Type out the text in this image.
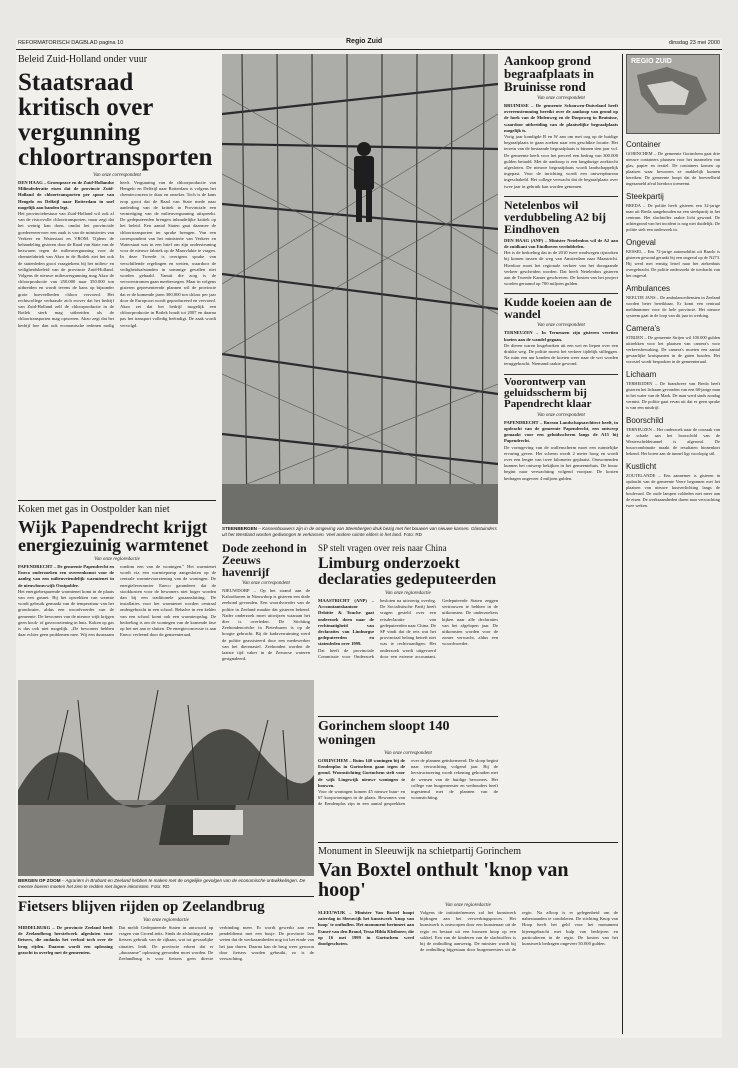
REFORMATORISCH DAGBLAD pagina 10	Regio Zuid	dinsdag 23 mei 2000
Beleid Zuid-Holland onder vuur
Staatsraad kritisch over vergunning chloortransporten
Van onze correspondent

DEN HAAG – Groenpeace en de Zuid-Hollandse Milieufederatie eisen dat de provincie Zuid-Holland de chloortransporten per spoor van Hengelo en Delfzijl naar Rotterdam in snel mogelijk aan banden legt.

Het provinciebestuur van Zuid-Holland wil ook af van de risicovolle chloortransporten, maar zegt dat het weinig kan doen, omdat het provinciale goederenvervoer een zaak is van de ministeries van Verkeer en Waterstaat en VROM. Tijdens de behandeling gisteren door de Raad van State van de bezwaren tegen de milieuvergunning voor de chemiefabriek van Akzo in de Botlek ziet het ook de statenleden groot vraagtekens bij het milieu- en veiligheidsbeleid van de provincie Zuid-Holland. Volgens de nieuwe milieuvergunning mag Akzo de chloorproductie van 250.000 naar 350.000 ton uitbreiden en wordt tevens de kans op bijzonder grote hoeveelheden chloor vervoerd. Het rechtscollege verbaasde zich erover dat het bedrijf van Zuid-Holland zelf de chloorproductie in de Botlek sterk mag uitbreiden als de chloortransporten mag opvoeren. Akzo zegt dat het bedrijf hoe dan ook economische redenen nodig heeft. Vergunning van de chloorproductie van Hengelo en Delfzijl naar Rotterdam is volgens het chemieconcern te duur en onzeker. Toch is de kans erop groot dat de Raad van State mede naar aanleiding van de kritiek in Provinciale een vernietiging van de milieuvergunning uitspreekt. De gedeputeerden brengen inhoudelijke kritiek op het beleid. Een aantal Staten gaat daarmee de chloortransporten ter sprake brengen. Van een correspondent van het ministerie van Verkeer en Waterstaat was in een brief om zijn ondersteuning voor de nieuwe fabriek op de Maasvlakte te vragen. In deze Tweede is overigens sprake van verschillende regelingen en wetten, waardoor de veiligheidsafstanden in sommige gevallen niet worden gehaald. Vanuit die zorg is de vervoerstromen gaan meebewegen. Maar in volgens gisteren gepresenteerde plannen wil de provincie dat er de komende jaren 300.000 ton chloor per jaar door de Europoort wordt geproduceerd en vervoerd. Akzo zei dat het bedrijf mogelijk een chloorproductie in Botlek houdt tot 2007 en daarna pas het transport volledig beëindigt. De zaak wordt vervolgd.

STEENBERGEN – Kassenbouwers zijn in de omgeving van Steenbergen druk bezig met het bouwen van nieuwe kassen. Glastuinders uit het Westland worden gedwongen te verkassen. Veel andere ruimte elders in het land. Foto: RD
Koken met gas in Oostpolder kan niet
Wijk Papendrecht krijgt energiezuinig warmtenet
Van onze regioredactie

PAPENDRECHT – De gemeente Papendrecht en Eneco onderzoeken een overeenkomst voor de aanleg van een milieuvriendelijk warmtenet in de nieuwbouwwijk Oostpolder.

Het energiebesparende warmtenet komt in de plaats van een gasnet. Bij het opwekken van warmte wordt gebruik gemaakt van de temperatuur van het grondwater, aldus een woordvoerder van de gemeente. De bewoners van de nieuwe wijk krijgen geen kook- of gasvoorziening in huis. Koken op gas is dus ook niet mogelijk. „De bewoners hebben daar echter geen problemen mee. Wij een duurzaam rondom een van de woningen.” Het warmtenet wordt via een warmtepomp aangesloten op de centrale warmtevoorziening van de woningen. De energieleverancier Eneco garandeert dat de stookkosten voor de bewoners niet hoger worden dan bij een traditionele gasaansluiting. De installaties voor het warmtenet worden centraal ondergebracht in een school. Behalve in een kelder van een school komt ook een warmteopslag. De bedoeling is om de woningen van de komende fase op het net aan te sluiten. De energieconcessie is aan Eneco verleend door de gemeenteraad.

Dode zeehond in Zeeuws havenrijf
Van onze correspondent

NIEUWDORP – Op het strand aan de Kaloothaven in Nieuwdorp is gisteren een dode zeehond gevonden. Een woordvoerder van de politie in Zeeland maakte dat gisteren bekend. Nader onderzoek moet uitwijzen waaraan het dier is overleden. De Stichting Zeehondencrèche in Pieterburen is op de hoogte gebracht. Bij de kadaverruiming werd de politie geassisteerd door een medewerker van het dierenasiel. Zeehonden worden de laatste tijd vaker in de Zeeuwse wateren gesignaleerd.

SP stelt vragen over reis naar China
Limburg onderzoekt declaraties gedeputeerden
Van onze regioredactie

MAASTRICHT (ANP) – Accountantskantoor Deloitte & Touche gaat onderzoek doen naar de rechtmatigheid van declaraties van Limburgse gedeputeerden en statenleden over 1999.

Dat heeft de provinciale Commissie voor Onderzoek besloten na uitvoerig overleg. De Socialistische Partij heeft vragen gesteld over een reisdeclaratie van gedeputeerden naar China. De SP vindt dat de reis wat het provinciaal belang betreft niet was te rechtvaardigen. Het onderzoek wordt uitgevoerd door een externe accountant. Gedeputeerde Staten zeggen vertrouwen te hebben in de uitkomsten. De onderzoekers kijken naar alle declaraties van het afgelopen jaar. De uitkomsten worden voor de zomer verwacht, aldus een woordvoerder.

BERGEN OP ZOOM – Agrariërs in Brabant en Zeeland hebben te maken met de ongelijke gevolgen van de economische ontwikkelingen. De meeste boeren moeten het zien te redden met lagere inkomsten. Foto: RD
Gorinchem sloopt 140 woningen
Van onze correspondent

GORINCHEM – Ruim 140 woningen bij de Eendenplas in Gorinchem gaan tegen de grond. Woonstichting Gorinchem stelt voor de wijk Lingewijk nieuwe woningen te bouwen.

Voor de woningen komen 45 nieuwe huur- en 67 koopwoningen in de plaats. Bewoners van de Eendenplas zijn in een aantal gesprekken over de plannen geïnformeerd. De sloop begint naar verwachting volgend jaar. Bij de herstructurering wordt rekening gehouden met de wensen van de huidige bewoners. Het college van burgemeester en wethouders heeft ingestemd met de plannen van de woonstichting.

Monument in Sleeuwijk na schietpartij Gorinchem
Van Boxtel onthult 'knop van hoop'
Van onze regioredactie

SLEEUWIJK – Minister Van Boxtel hoopt zaterdag in Sleeuwijk het kunstwerk 'knop van hoop' te onthullen. Het monument herinnert aan Esmeé van den Brand, Tessa Hilda Kleiboeer, die op 16 mei 1999 in Gorinchem werd doodgeschoten.

Volgens de initiatiefnemers zal het kunstwerk bijdragen aan het verwerkingsproces. Het kunstwerk is ontworpen door een kunstenaar uit de regio en bestaat uit een bronzen knop op een sokkel. Een van de kinderen van de slachtoffers is bij de onthulling aanwezig. De minister wordt bij de onthulling bijgestaan door burgemeesters uit de regio. Na afloop is er gelegenheid om de nabestaanden te condoleren. De stichting Knop van Hoop heeft het geld voor het monument bijeengebracht met hulp van bedrijven en particulieren in de regio. De kosten van het kunstwerk bedragen ongeveer 50.000 gulden.

Fietsers blijven rijden op Zeelandbrug
Van onze regioredactie

MIDDELBURG – De provincie Zeeland heeft de Zeelandbrug herstelwerk afgesloten voor fietsers, die ondanks het verbod toch over de brug rijden. Daarom wordt een oplossing gezocht in overleg met de gemeenten.

Dat meldt Gedeputeerde Staten in antwoord op vragen van GroenLinks. Sinds de afsluiting maken fietsers gebruik van de rijbaan, wat tot gevaarlijke situaties leidt. De provincie erkent dat er „duurzame” oplossing gevonden moet worden. De Zeelandbrug is voor fietsers geen directe verbinding meer. Er wordt gewerkt aan een pendeldienst met een busje. De provincie laat weten dat de werkzaamheden nog tot het einde van het jaar duren. Daarna kan de brug weer gewoon door fietsers worden gebruikt, zo is de verwachting.

Aankoop grond begraafplaats in Bruinisse rond
Van onze correspondent

BRUINISSE – De gemeente Schouwen-Duiveland heeft overeenstemming bereikt over de aankoop van grond op de hoek van de Molenweg en de Dorpsweg in Bruinisse, waardoor uitbreiding van de plaatselijke begraafplaats mogelijk is.

Vorig jaar kondigde B en W aan om met oog op de huidige begraafplaats te gaan zoeken naar een geschikte locatie. Het terrein van de bestaande begraafplaats is binnen tien jaar vol. De gemeente heeft voor het perceel een bedrag van 300.000 gulden betaald. Met de aankoop is een langdurige zoektocht afgesloten. De nieuwe begraafplaats wordt landschappelijk ingepast. Voor de inrichting wordt een ontwerpbureau ingeschakeld. Het college verwacht dat de begraafplaats over twee jaar in gebruik kan worden genomen.

Netelenbos wil verdubbeling A2 bij Eindhoven

DEN HAAG (ANP) – Minister Netelenbos wil de A2 aan de zuidkant van Eindhoven verdubbelen.

Het is de bedoeling dat in de 2010 twee rondwegen rijstroken bij komen tussen de weg van Amsterdam naar Maastricht. Hierdoor moet het regionale verkeer van het doorgaande verkeer gescheiden worden. Dat heeft Netelenbos gisteren aan de Tweede Kamer geschreven. De kosten van het project worden geraamd op 700 miljoen gulden.

Kudde koeien aan de wandel
Van onze correspondent

TERNEUZEN – In Terneuzen zijn gisteren veertien koeien aan de wandel gegaan.

De dieren waren losgebroken uit een wei en liepen over een drukke weg. De politie moest het verkeer tijdelijk stilleggen. Na ruim een uur konden de koeien weer naar de wei worden teruggebracht. Niemand raakte gewond.

Voorontwerp van geluidsscherm bij Papendrecht klaar
Van onze correspondent

PAPENDRECHT – Bureau Landschapsarchitect heeft, in opdracht van de gemeente Papendrecht, een ontwerp gemaakt voor een geluidsscherm langs de A15 bij Papendrecht.

De vormgeving van de wallenscherm moet een ruimtelijke ervaring geven. Het scherm wordt 2 meter hoog en wordt over een lengte van twee kilometer geplaatst. Omwonenden kunnen het ontwerp bekijken in het gemeentehuis. De bouw begint naar verwachting volgend voorjaar. De kosten bedragen ongeveer 4 miljoen gulden.

REGIO ZUID
Container

GORINCHEM – De gemeente Gorinchem gaat drie nieuwe containers plaatsen voor het inzamelen van glas, papier en textiel. De containers komen op plaatsen waar bewoners ze makkelijk kunnen bereiken. De gemeente hoopt dat de hoeveelheid ingezameld afval hierdoor toeneemt.

Steekpartij

BREDA – De politie heeft gisteren een 32-jarige man uit Breda aangehouden na een steekpartij in het centrum. Het slachtoffer raakte licht gewond. De achtergrond van het incident is nog niet duidelijk. De politie stelt een onderzoek in.

Ongeval

KESSEL – Een 72-jarige automobilist uit Baarlo is gisteren gewond geraakt bij een ongeval op de N273. Hij werd met ernstig letsel naar het ziekenhuis overgebracht. De politie onderzoekt de toedracht van het ongeval.

Ambulances

NEELTJE JANS – De ambulancediensten in Zeeland worden beter bereikbaar. Er komt een centraal meldnummer voor de hele provincie. Het nieuwe systeem gaat in de loop van dit jaar in werking.

Camera's

STRIJEN – De gemeente Strijen wil 100.000 gulden uittrekken voor het plaatsen van camera's voor verkeersbewaking. De camera's moeten een aantal gevaarlijke kruispunten in de gaten houden. Het voorstel wordt besproken in de gemeenteraad.

Lichaam

TERHEIJDEN – De brandweer van Breda heeft gisteren het lichaam gevonden van een 68-jarige man in het water van de Mark. De man werd sinds zondag vermist. De politie gaat ervan uit dat er geen sprake is van een misdrijf.

Boorschild

TERNEUZEN – Het onderzoek naar de oorzaak van de schade aan het boorschild van de Westerscheldetunnel is afgerond. De bouwcombinatie maakt de resultaten binnenkort bekend. Het boren aan de tunnel ligt voorlopig stil.

Kustlicht

ZOUTELANDE – Een aannemer is gisteren in opdracht van de gemeente Veere begonnen met het plaatsen van nieuwe kustverlichting langs de boulevard. De oude lampen voldeden niet meer aan de eisen. De werkzaamheden duren naar verwachting twee weken.
